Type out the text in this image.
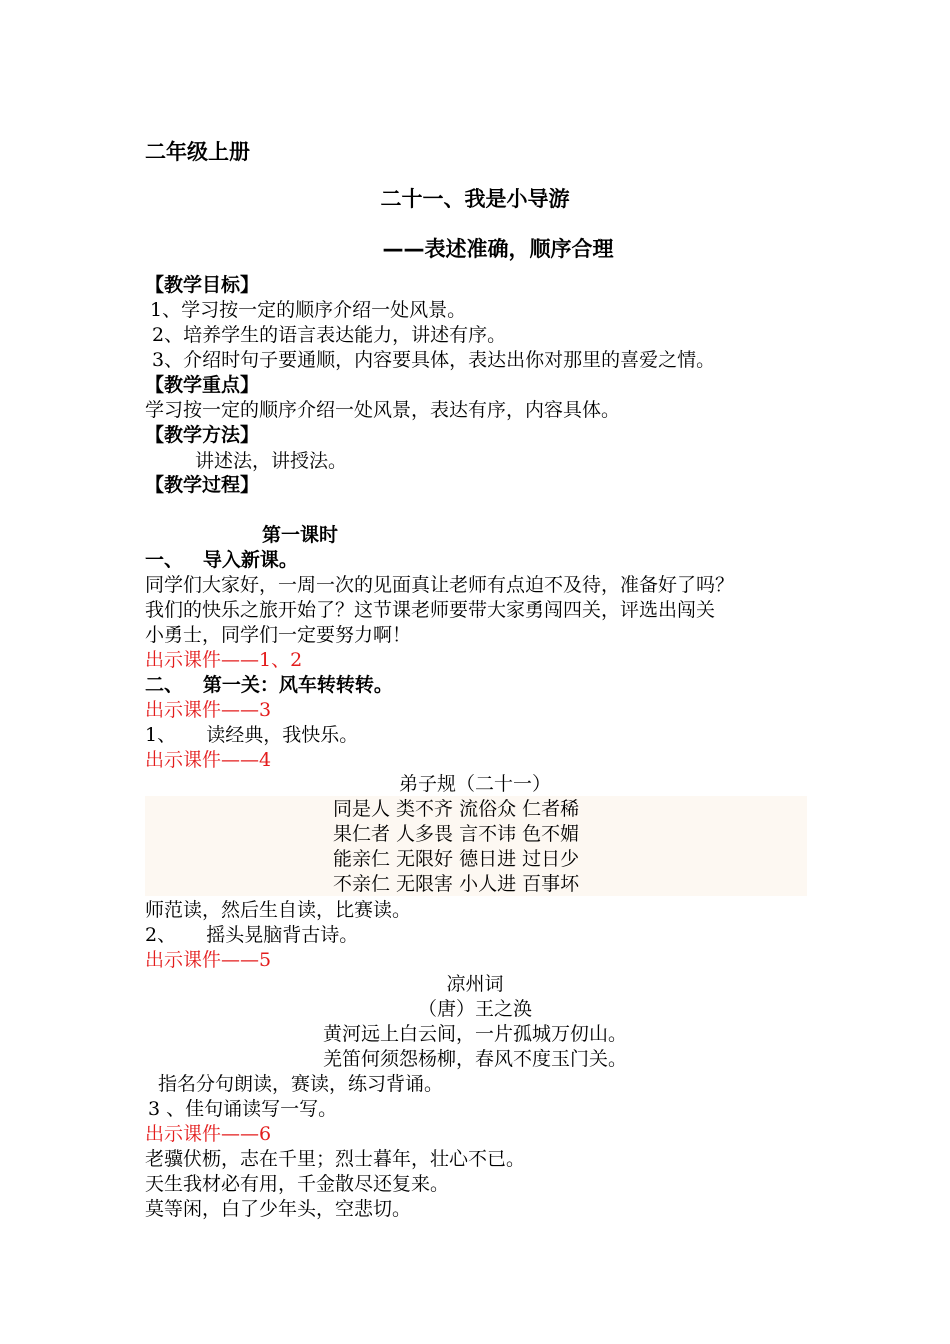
二年级上册
二十一、我是小导游
——表述准确，顺序合理
【教学目标】
1、学习按一定的顺序介绍一处风景。
2、培养学生的语言表达能力，讲述有序。
3、介绍时句子要通顺，内容要具体，表达出你对那里的喜爱之情。
【教学重点】
学习按一定的顺序介绍一处风景，表达有序，内容具体。
【教学方法】
讲述法，讲授法。
【教学过程】
第一课时
一、   导入新课。
同学们大家好，一周一次的见面真让老师有点迫不及待，准备好了吗？
我们的快乐之旅开始了？这节课老师要带大家勇闯四关，评选出闯关
小勇士，同学们一定要努力啊！
出示课件——1、2
二、   第一关：风车转转转。
出示课件——3
1、     读经典，我快乐。
出示课件——4
弟子规（二十一）
同是人 类不齐 流俗众 仁者稀
果仁者 人多畏 言不讳 色不媚
能亲仁 无限好 德日进 过日少
不亲仁 无限害 小人进 百事坏
师范读，然后生自读，比赛读。
2、     摇头晃脑背古诗。
出示课件——5
凉州词
（唐）王之涣
黄河远上白云间，一片孤城万仞山。
羌笛何须怨杨柳，春风不度玉门关。
指名分句朗读，赛读，练习背诵。
3 、佳句诵读写一写。
出示课件——6
老骥伏枥，志在千里；烈士暮年，壮心不已。
天生我材必有用，千金散尽还复来。
莫等闲，白了少年头，空悲切。
